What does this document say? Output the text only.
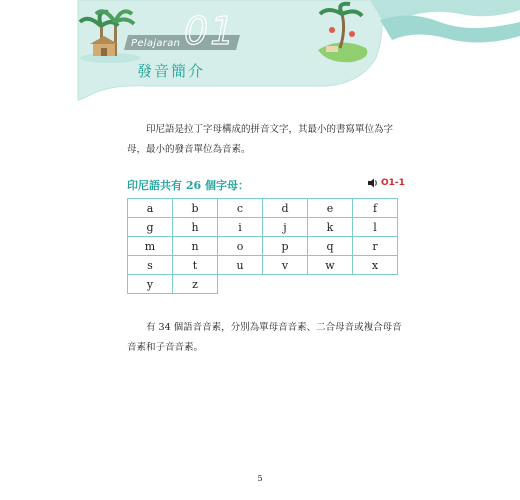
Pelajaran 01
發音簡介

印尼語是拉丁字母構成的拼音文字，其最小的書寫單位為字母，最小的發音單位為音素。

印尼語共有 26 個字母：	O1-1
a	b	c	d	e	f
g	h	i	j	k	l
m	n	o	p	q	r
s	t	u	v	w	x
y	z				

有 34 個語音音素，分別為單母音音素、二合母音或複合母音音素和子音音素。

5
